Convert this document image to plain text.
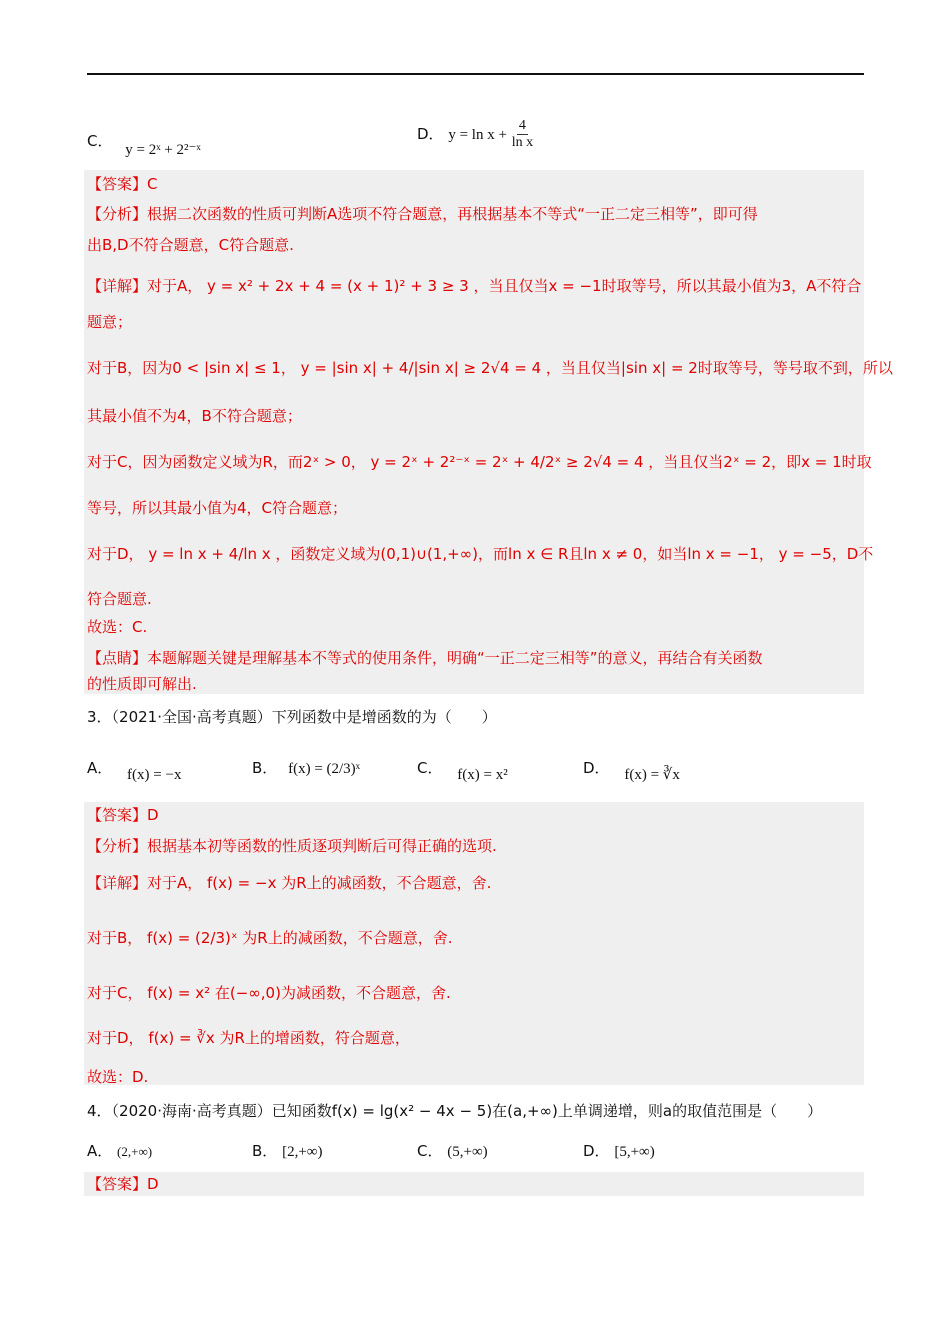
C． y = 2ˣ + 2²⁻ˣ
D． $y = \ln x + \frac{4}{\text{ln x}}$
【答案】C
【分析】根据二次函数的性质可判断A选项不符合题意，再根据基本不等式“一正二定三相等”，即可得
出B,D不符合题意，C符合题意.
【详解】对于A， y = x² + 2x + 4 = (x + 1)² + 3 ≥ 3 ，当且仅当x = −1时取等号，所以其最小值为3，A不符合
题意；
对于B，因为0 < |sin x| ≤ 1， y = |sin x| + 4/|sin x| ≥ 2√4 = 4 ，当且仅当|sin x| = 2时取等号，等号取不到，所以
其最小值不为4，B不符合题意；
对于C，因为函数定义域为R，而2ˣ > 0， y = 2ˣ + 2²⁻ˣ = 2ˣ + 4/2ˣ ≥ 2√4 = 4 ，当且仅当2ˣ = 2，即x = 1时取
等号，所以其最小值为4，C符合题意；
对于D， y = ln x + 4/ln x ，函数定义域为(0,1)∪(1,+∞)，而ln x ∈ R且ln x ≠ 0，如当ln x = −1， y = −5，D不
符合题意.
故选：C.
【点睛】本题解题关键是理解基本不等式的使用条件，明确“一正二定三相等”的意义，再结合有关函数
的性质即可解出.
3．（2021·全国·高考真题）下列函数中是增函数的为（　　）
A． f(x) = −x	B． f(x) = (2/3)ˣ	C． f(x) = x²	D． f(x) = ∛x
【答案】D
【分析】根据基本初等函数的性质逐项判断后可得正确的选项.
【详解】对于A， f(x) = −x 为R上的减函数，不合题意，舍.
对于B， f(x) = (2/3)ˣ 为R上的减函数，不合题意，舍.
对于C， f(x) = x² 在(−∞,0)为减函数，不合题意，舍.
对于D， f(x) = ∛x 为R上的增函数，符合题意，
故选：D.
4．（2020·海南·高考真题）已知函数f(x) = lg(x² − 4x − 5)在(a,+∞)上单调递增，则a的取值范围是（　　）
A． (2,+∞)	B． [2,+∞)	C． (5,+∞)	D． [5,+∞)
【答案】D
